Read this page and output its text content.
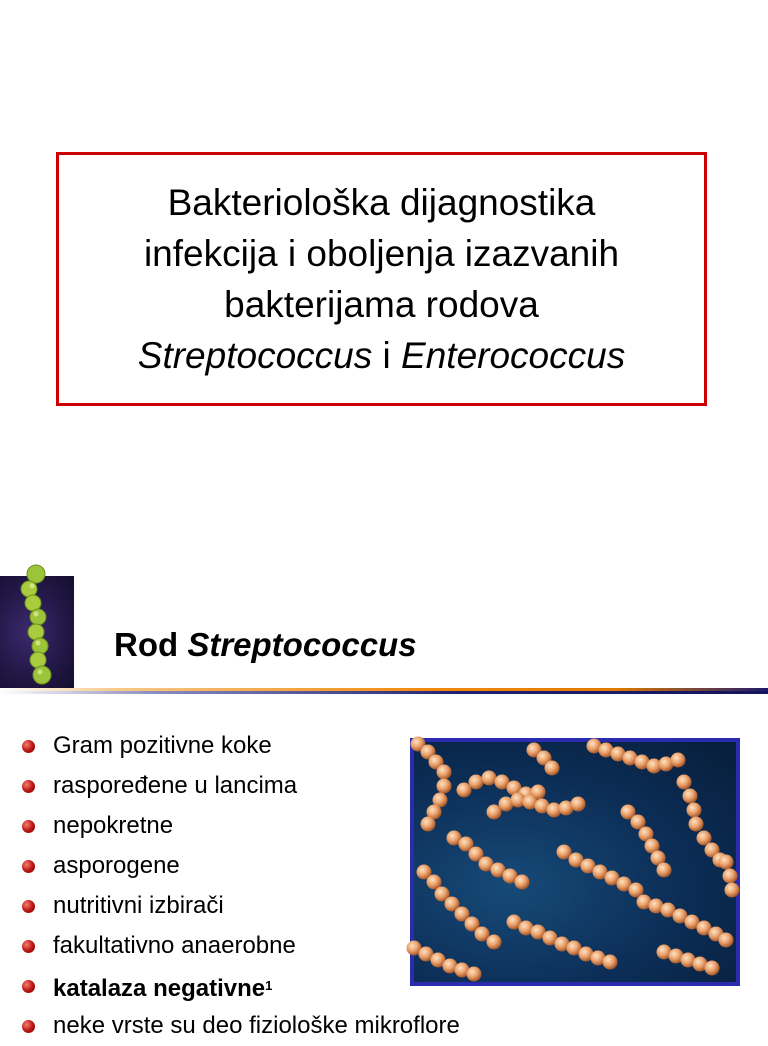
Bakteriološka dijagnostika
infekcija i oboljenja izazvanih
bakterijama rodova
Streptococcus i Enterococcus
Rod Streptococcus
Gram pozitivne koke
raspoređene u lancima
nepokretne
asporogene
nutritivni izbirači
fakultativno anaerobne
katalaza negativne$^1$
neke vrste su deo fiziološke mikroflore
